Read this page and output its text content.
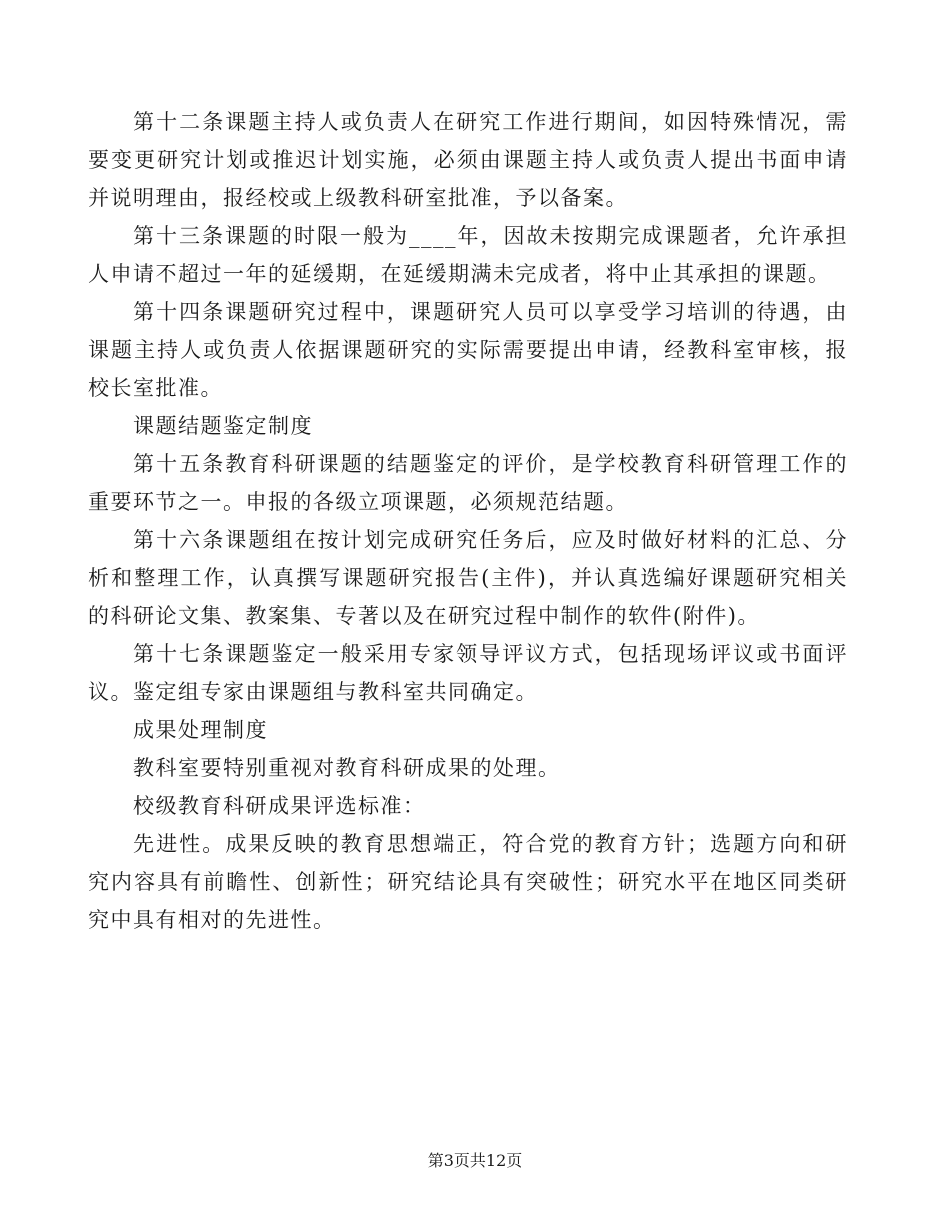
第十二条课题主持人或负责人在研究工作进行期间，如因特殊情况，需要变更研究计划或推迟计划实施，必须由课题主持人或负责人提出书面申请并说明理由，报经校或上级教科研室批准，予以备案。

第十三条课题的时限一般为____年，因故未按期完成课题者，允许承担人申请不超过一年的延缓期，在延缓期满未完成者，将中止其承担的课题。

第十四条课题研究过程中，课题研究人员可以享受学习培训的待遇，由课题主持人或负责人依据课题研究的实际需要提出申请，经教科室审核，报校长室批准。

课题结题鉴定制度

第十五条教育科研课题的结题鉴定的评价，是学校教育科研管理工作的重要环节之一。申报的各级立项课题，必须规范结题。

第十六条课题组在按计划完成研究任务后，应及时做好材料的汇总、分析和整理工作，认真撰写课题研究报告(主件)，并认真选编好课题研究相关的科研论文集、教案集、专著以及在研究过程中制作的软件(附件)。

第十七条课题鉴定一般采用专家领导评议方式，包括现场评议或书面评议。鉴定组专家由课题组与教科室共同确定。

成果处理制度

教科室要特别重视对教育科研成果的处理。

校级教育科研成果评选标准：

先进性。成果反映的教育思想端正，符合党的教育方针；选题方向和研究内容具有前瞻性、创新性；研究结论具有突破性；研究水平在地区同类研究中具有相对的先进性。

第3页共12页
